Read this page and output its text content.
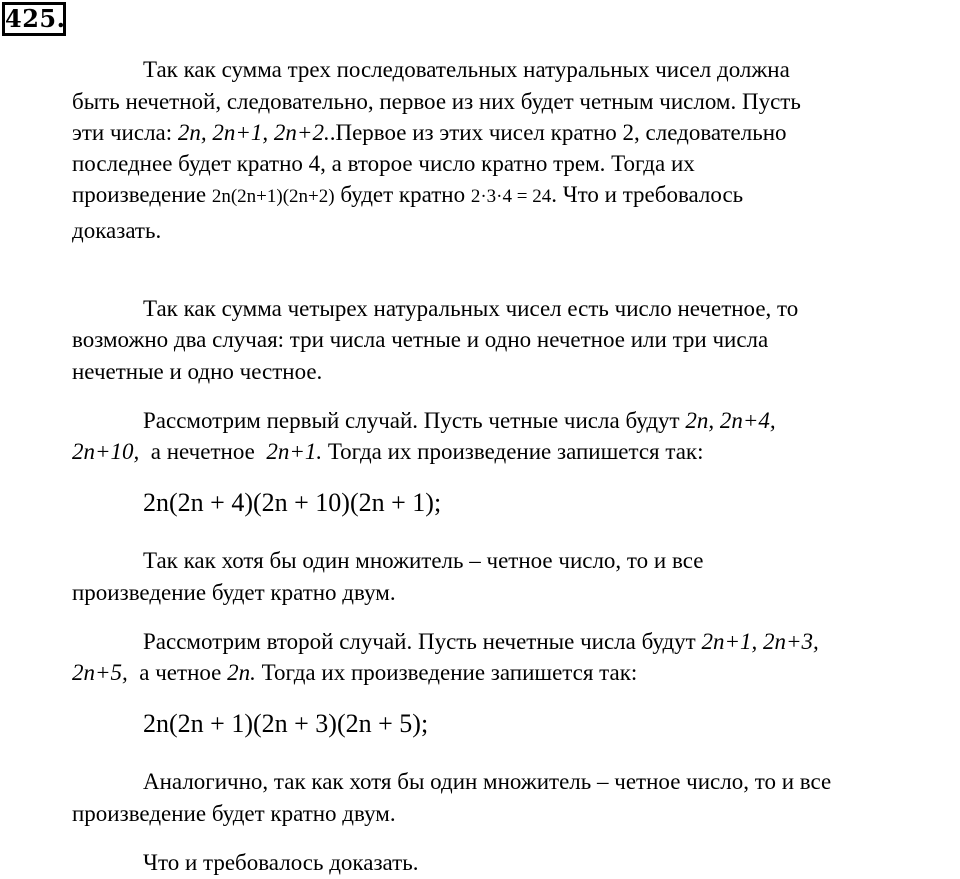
425.
Так как сумма трех последовательных натуральных чисел должна
быть нечетной, следовательно, первое из них будет четным числом. Пусть
эти числа: 2n, 2n+1, 2n+2..Первое из этих чисел кратно 2, следовательно
последнее будет кратно 4, а второе число кратно трем. Тогда их
произведение 2n(2n+1)(2n+2) будет кратно 2·3·4 = 24. Что и требовалось
доказать.
Так как сумма четырех натуральных чисел есть число нечетное, то
возможно два случая: три числа четные и одно нечетное или три числа
нечетные и одно честное.
Рассмотрим первый случай. Пусть четные числа будут 2n, 2n+4,
2n+10,  а нечетное  2n+1. Тогда их произведение запишется так:
2n(2n + 4)(2n + 10)(2n + 1);
Так как хотя бы один множитель – четное число, то и все
произведение будет кратно двум.
Рассмотрим второй случай. Пусть нечетные числа будут 2n+1, 2n+3,
2n+5,  а четное 2n. Тогда их произведение запишется так:
2n(2n + 1)(2n + 3)(2n + 5);
Аналогично, так как хотя бы один множитель – четное число, то и все
произведение будет кратно двум.
Что и требовалось доказать.
